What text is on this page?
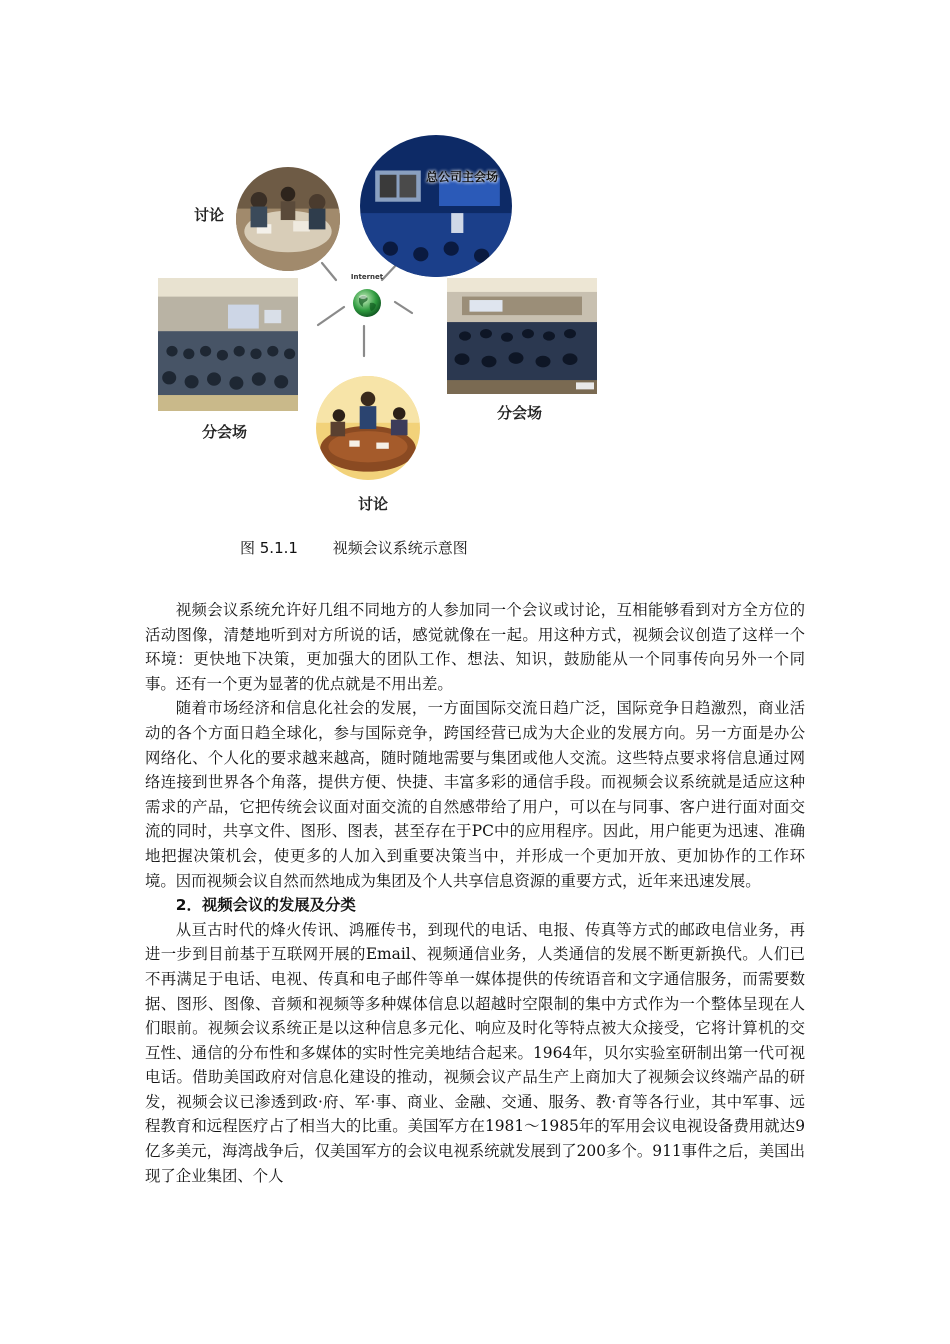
总公司主会场
讨论
分会场
Internet
分会场
讨论
图 5.1.1 视频会议系统示意图

视频会议系统允许好几组不同地方的人参加同一个会议或讨论，互相能够看到对方全方位的活动图像，清楚地听到对方所说的话，感觉就像在一起。用这种方式，视频会议创造了这样一个环境：更快地下决策，更加强大的团队工作、想法、知识，鼓励能从一个同事传向另外一个同事。还有一个更为显著的优点就是不用出差。

随着市场经济和信息化社会的发展，一方面国际交流日趋广泛，国际竞争日趋激烈，商业活动的各个方面日趋全球化，参与国际竞争，跨国经营已成为大企业的发展方向。另一方面是办公网络化、个人化的要求越来越高，随时随地需要与集团或他人交流。这些特点要求将信息通过网络连接到世界各个角落，提供方便、快捷、丰富多彩的通信手段。而视频会议系统就是适应这种需求的产品，它把传统会议面对面交流的自然感带给了用户，可以在与同事、客户进行面对面交流的同时，共享文件、图形、图表，甚至存在于PC中的应用程序。因此，用户能更为迅速、准确地把握决策机会，使更多的人加入到重要决策当中，并形成一个更加开放、更加协作的工作环境。因而视频会议自然而然地成为集团及个人共享信息资源的重要方式，近年来迅速发展。

2．视频会议的发展及分类

从亘古时代的烽火传讯、鸿雁传书，到现代的电话、电报、传真等方式的邮政电信业务，再进一步到目前基于互联网开展的Email、视频通信业务，人类通信的发展不断更新换代。人们已不再满足于电话、电视、传真和电子邮件等单一媒体提供的传统语音和文字通信服务，而需要数据、图形、图像、音频和视频等多种媒体信息以超越时空限制的集中方式作为一个整体呈现在人们眼前。视频会议系统正是以这种信息多元化、响应及时化等特点被大众接受，它将计算机的交互性、通信的分布性和多媒体的实时性完美地结合起来。1964年，贝尔实验室研制出第一代可视电话。借助美国政府对信息化建设的推动，视频会议产品生产上商加大了视频会议终端产品的研发，视频会议已渗透到政·府、军·事、商业、金融、交通、服务、教·育等各行业，其中军事、远程教育和远程医疗占了相当大的比重。美国军方在1981～1985年的军用会议电视设备费用就达9亿多美元，海湾战争后，仅美国军方的会议电视系统就发展到了200多个。911事件之后，美国出现了企业集团、个人
